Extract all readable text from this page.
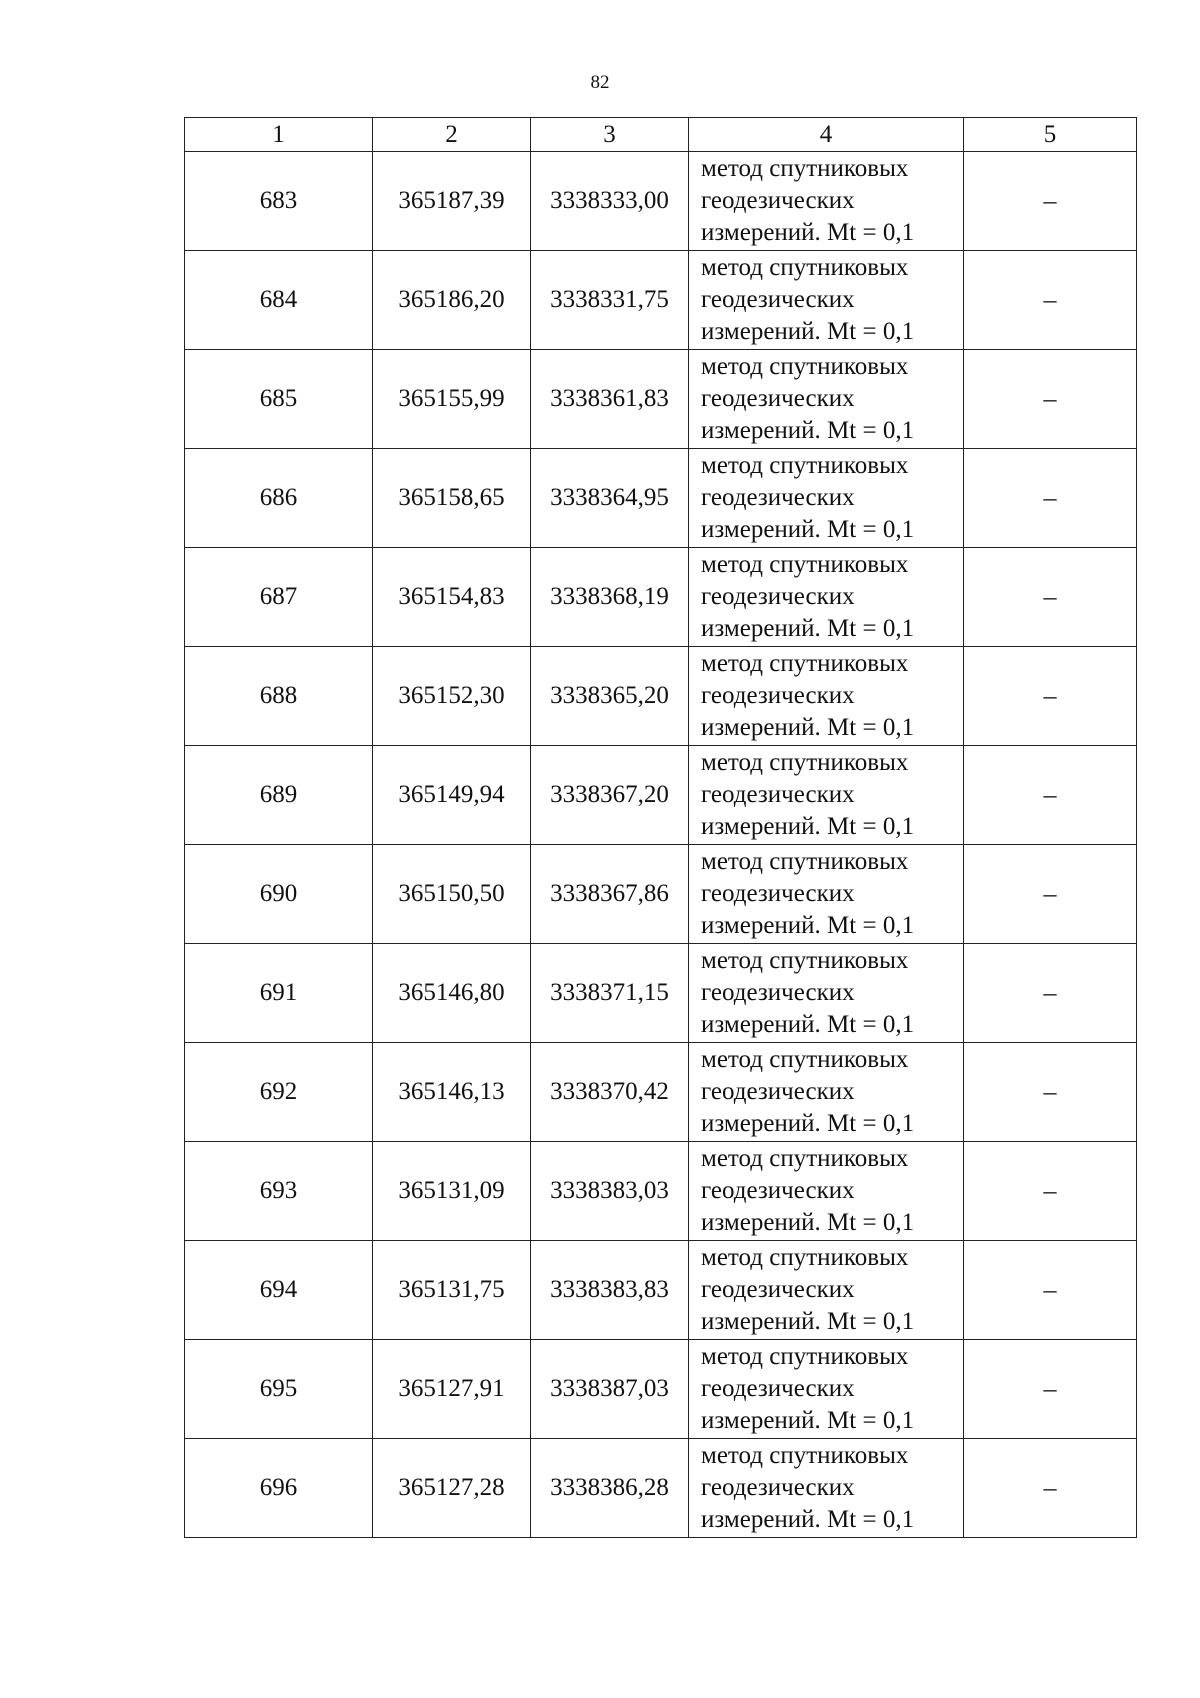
82
1	2	3	4	5
683	365187,39	3338333,00	метод спутниковых
геодезических
измерений. Mt = 0,1	–
684	365186,20	3338331,75	метод спутниковых
геодезических
измерений. Mt = 0,1	–
685	365155,99	3338361,83	метод спутниковых
геодезических
измерений. Mt = 0,1	–
686	365158,65	3338364,95	метод спутниковых
геодезических
измерений. Mt = 0,1	–
687	365154,83	3338368,19	метод спутниковых
геодезических
измерений. Mt = 0,1	–
688	365152,30	3338365,20	метод спутниковых
геодезических
измерений. Mt = 0,1	–
689	365149,94	3338367,20	метод спутниковых
геодезических
измерений. Mt = 0,1	–
690	365150,50	3338367,86	метод спутниковых
геодезических
измерений. Mt = 0,1	–
691	365146,80	3338371,15	метод спутниковых
геодезических
измерений. Mt = 0,1	–
692	365146,13	3338370,42	метод спутниковых
геодезических
измерений. Mt = 0,1	–
693	365131,09	3338383,03	метод спутниковых
геодезических
измерений. Mt = 0,1	–
694	365131,75	3338383,83	метод спутниковых
геодезических
измерений. Mt = 0,1	–
695	365127,91	3338387,03	метод спутниковых
геодезических
измерений. Mt = 0,1	–
696	365127,28	3338386,28	метод спутниковых
геодезических
измерений. Mt = 0,1	–
